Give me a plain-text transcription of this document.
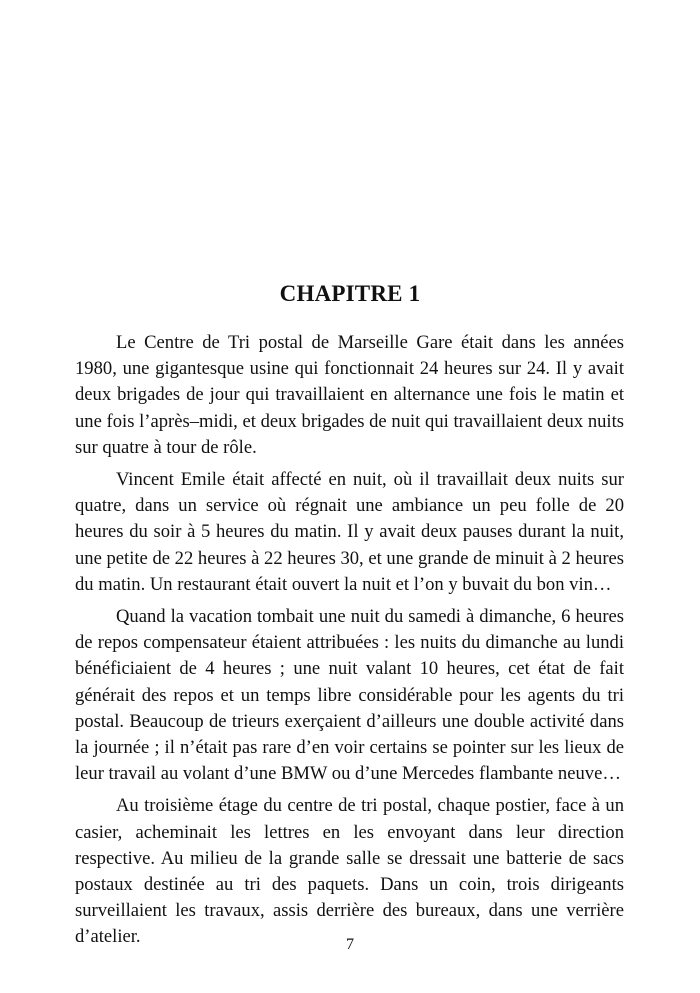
CHAPITRE 1

Le Centre de Tri postal de Marseille Gare était dans les années 1980, une gigantesque usine qui fonctionnait 24 heures sur 24. Il y avait deux brigades de jour qui travaillaient en alternance une fois le matin et une fois l’après–midi, et deux brigades de nuit qui travaillaient deux nuits sur quatre à tour de rôle.

Vincent Emile était affecté en nuit, où il travaillait deux nuits sur quatre, dans un service où régnait une ambiance un peu folle de 20 heures du soir à 5 heures du matin. Il y avait deux pauses durant la nuit, une petite de 22 heures à 22 heures 30, et une grande de minuit à 2 heures du matin. Un restaurant était ouvert la nuit et l’on y buvait du bon vin…

Quand la vacation tombait une nuit du samedi à dimanche, 6 heures de repos compensateur étaient attribuées : les nuits du dimanche au lundi bénéficiaient de 4 heures ; une nuit valant 10 heures, cet état de fait générait des repos et un temps libre considérable pour les agents du tri postal. Beaucoup de trieurs exerçaient d’ailleurs une double activité dans la journée ; il n’était pas rare d’en voir certains se pointer sur les lieux de leur travail au volant d’une BMW ou d’une Mercedes flambante neuve…

Au troisième étage du centre de tri postal, chaque postier, face à un casier, acheminait les lettres en les envoyant dans leur direction respective. Au milieu de la grande salle se dressait une batterie de sacs postaux destinée au tri des paquets. Dans un coin, trois dirigeants surveillaient les travaux, assis derrière des bureaux, dans une verrière d’atelier.	7
